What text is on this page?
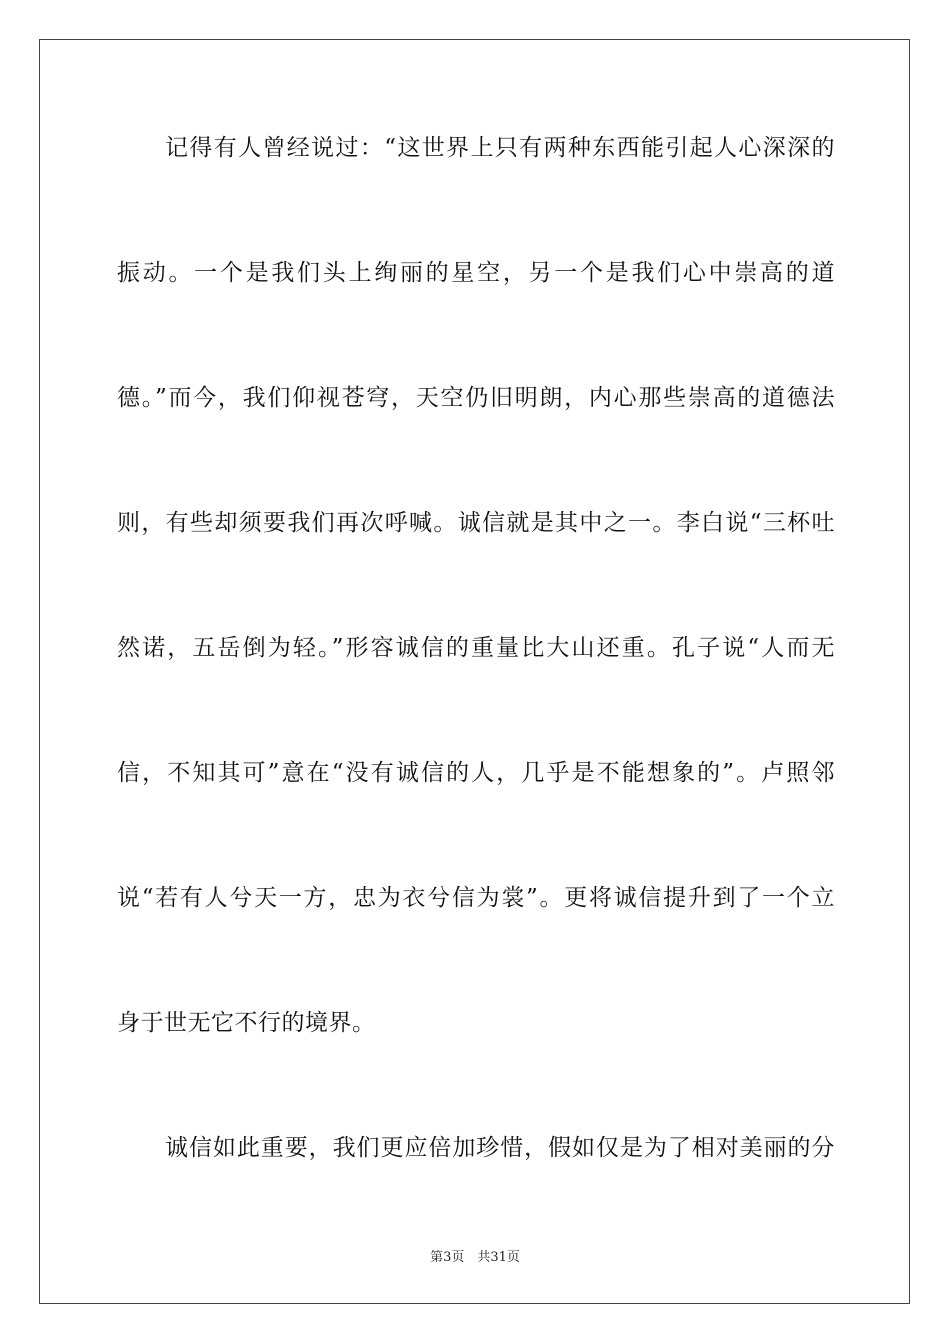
记得有人曾经说过：“这世界上只有两种东西能引起人心深深的
振动。一个是我们头上绚丽的星空，另一个是我们心中崇高的道
德。”而今，我们仰视苍穹，天空仍旧明朗，内心那些崇高的道德法
则，有些却须要我们再次呼喊。诚信就是其中之一。李白说“三杯吐
然诺，五岳倒为轻。”形容诚信的重量比大山还重。孔子说“人而无
信，不知其可”意在“没有诚信的人，几乎是不能想象的”。卢照邻
说“若有人兮天一方，忠为衣兮信为裳”。更将诚信提升到了一个立
身于世无它不行的境界。
诚信如此重要，我们更应倍加珍惜，假如仅是为了相对美丽的分
第3页　共31页
